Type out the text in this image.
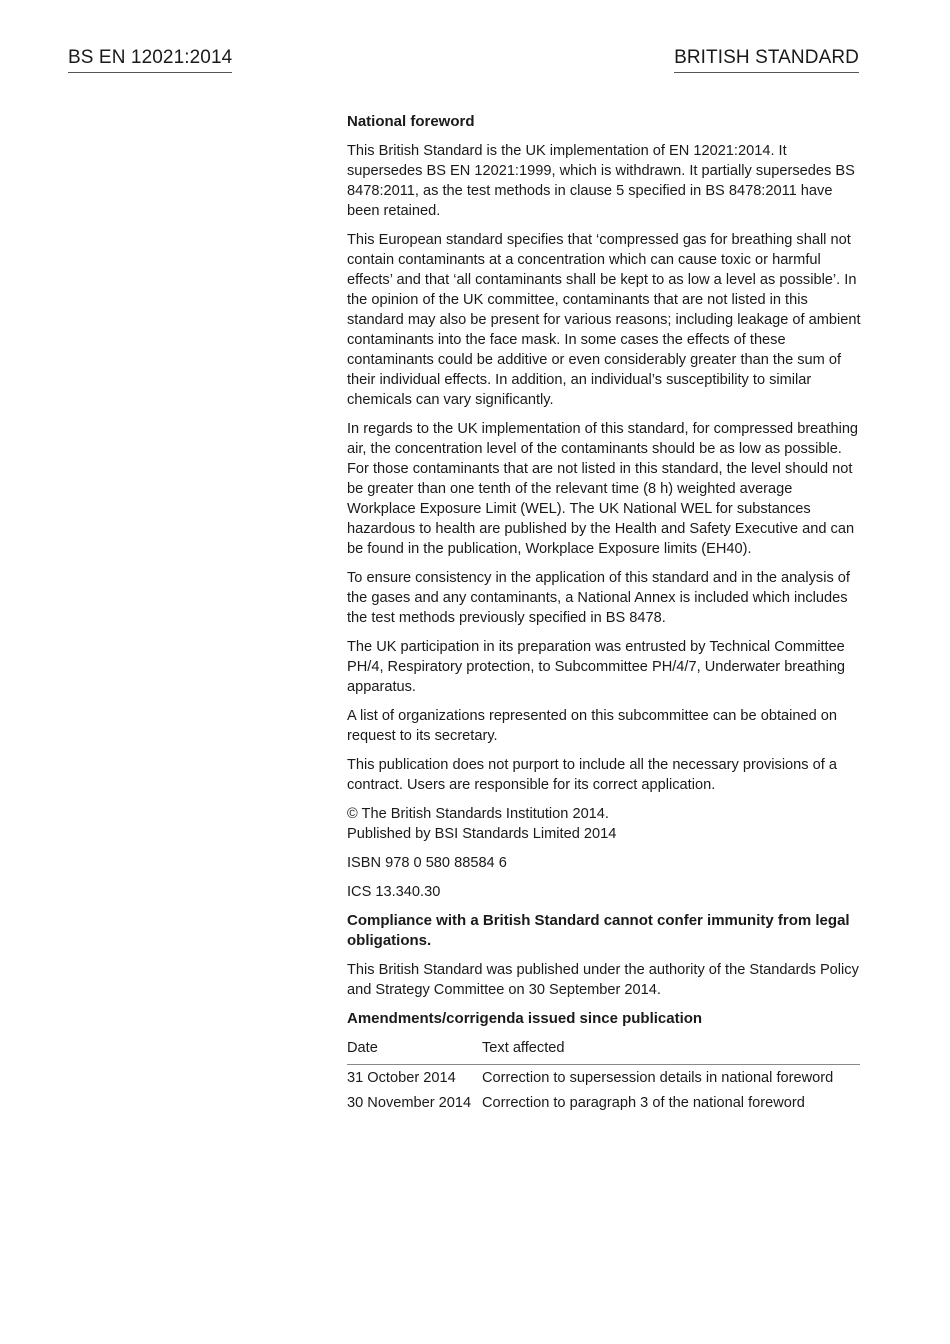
BS EN 12021:2014	BRITISH STANDARD
National foreword

This British Standard is the UK implementation of EN 12021:2014. It supersedes BS EN 12021:1999, which is withdrawn. It partially supersedes BS 8478:2011, as the test methods in clause 5 specified in BS 8478:2011 have been retained.

This European standard specifies that ‘compressed gas for breathing shall not contain contaminants at a concentration which can cause toxic or harmful effects’ and that ‘all contaminants shall be kept to as low a level as possible’. In the opinion of the UK committee, contaminants that are not listed in this standard may also be present for various reasons; including leakage of ambient contaminants into the face mask. In some cases the effects of these contaminants could be additive or even considerably greater than the sum of their individual effects. In addition, an individual’s susceptibility to similar chemicals can vary significantly.

In regards to the UK implementation of this standard, for compressed breathing air, the concentration level of the contaminants should be as low as possible. For those contaminants that are not listed in this standard, the level should not be greater than one tenth of the relevant time (8 h) weighted average Workplace Exposure Limit (WEL). The UK National WEL for substances hazardous to health are published by the Health and Safety Executive and can be found in the publication, Workplace Exposure limits (EH40).

To ensure consistency in the application of this standard and in the analysis of the gases and any contaminants, a National Annex is included which includes the test methods previously specified in BS 8478.

The UK participation in its preparation was entrusted by Technical Committee PH/4, Respiratory protection, to Subcommittee PH/4/7, Underwater breathing apparatus.

A list of organizations represented on this subcommittee can be obtained on request to its secretary.

This publication does not purport to include all the necessary provisions of a contract. Users are responsible for its correct application.

© The British Standards Institution 2014.
Published by BSI Standards Limited 2014

ISBN 978 0 580 88584 6

ICS 13.340.30

Compliance with a British Standard cannot confer immunity from legal obligations.

This British Standard was published under the authority of the Standards Policy and Strategy Committee on 30 September 2014.

Amendments/corrigenda issued since publication
Date	Text affected
31 October 2014	Correction to supersession details in national foreword
30 November 2014	Correction to paragraph 3 of the national foreword
